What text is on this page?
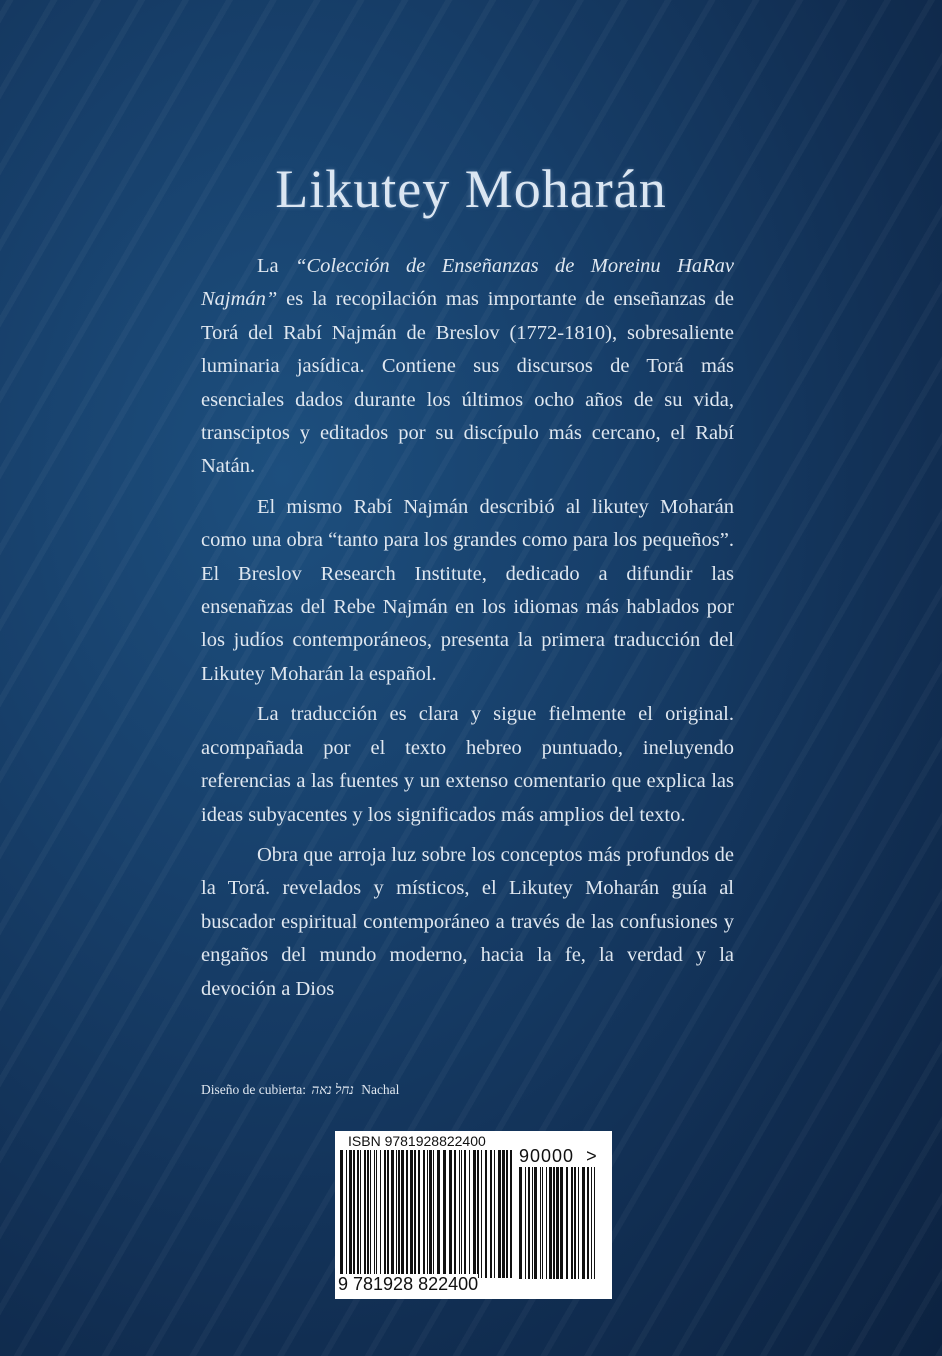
Likutey Moharán

La “Colección de Enseñanzas de Moreinu HaRav Najmán” es la recopilación mas importante de enseñanzas de Torá del Rabí Najmán de Breslov (1772-1810), sobresaliente luminaria jasídica. Contiene sus discursos de Torá más esenciales dados durante los últimos ocho años de su vida, transciptos y editados por su discípulo más cercano, el Rabí Natán.

El mismo Rabí Najmán describió al likutey Moharán como una obra “tanto para los grandes como para los pequeños”. El Breslov Research Institute, dedicado a difundir las ensenañzas del Rebe Najmán en los idiomas más hablados por los judíos contemporáneos, presenta la primera traducción del Likutey Moharán la español.

La traducción es clara y sigue fielmente el original. acompañada por el texto hebreo puntuado, ineluyendo referencias a las fuentes y un extenso comentario que explica las ideas subyacentes y los significados más amplios del texto.

Obra que arroja luz sobre los conceptos más profundos de la Torá. revelados y místicos, el Likutey Moharán guía al buscador espiritual contemporáneo a través de las confusiones y engaños del mundo moderno, hacia la fe, la verdad y la devoción a Dios

Diseño de cubierta: נחל נאה Nachal
ISBN 9781928822400
90000 >
9 781928 822400
